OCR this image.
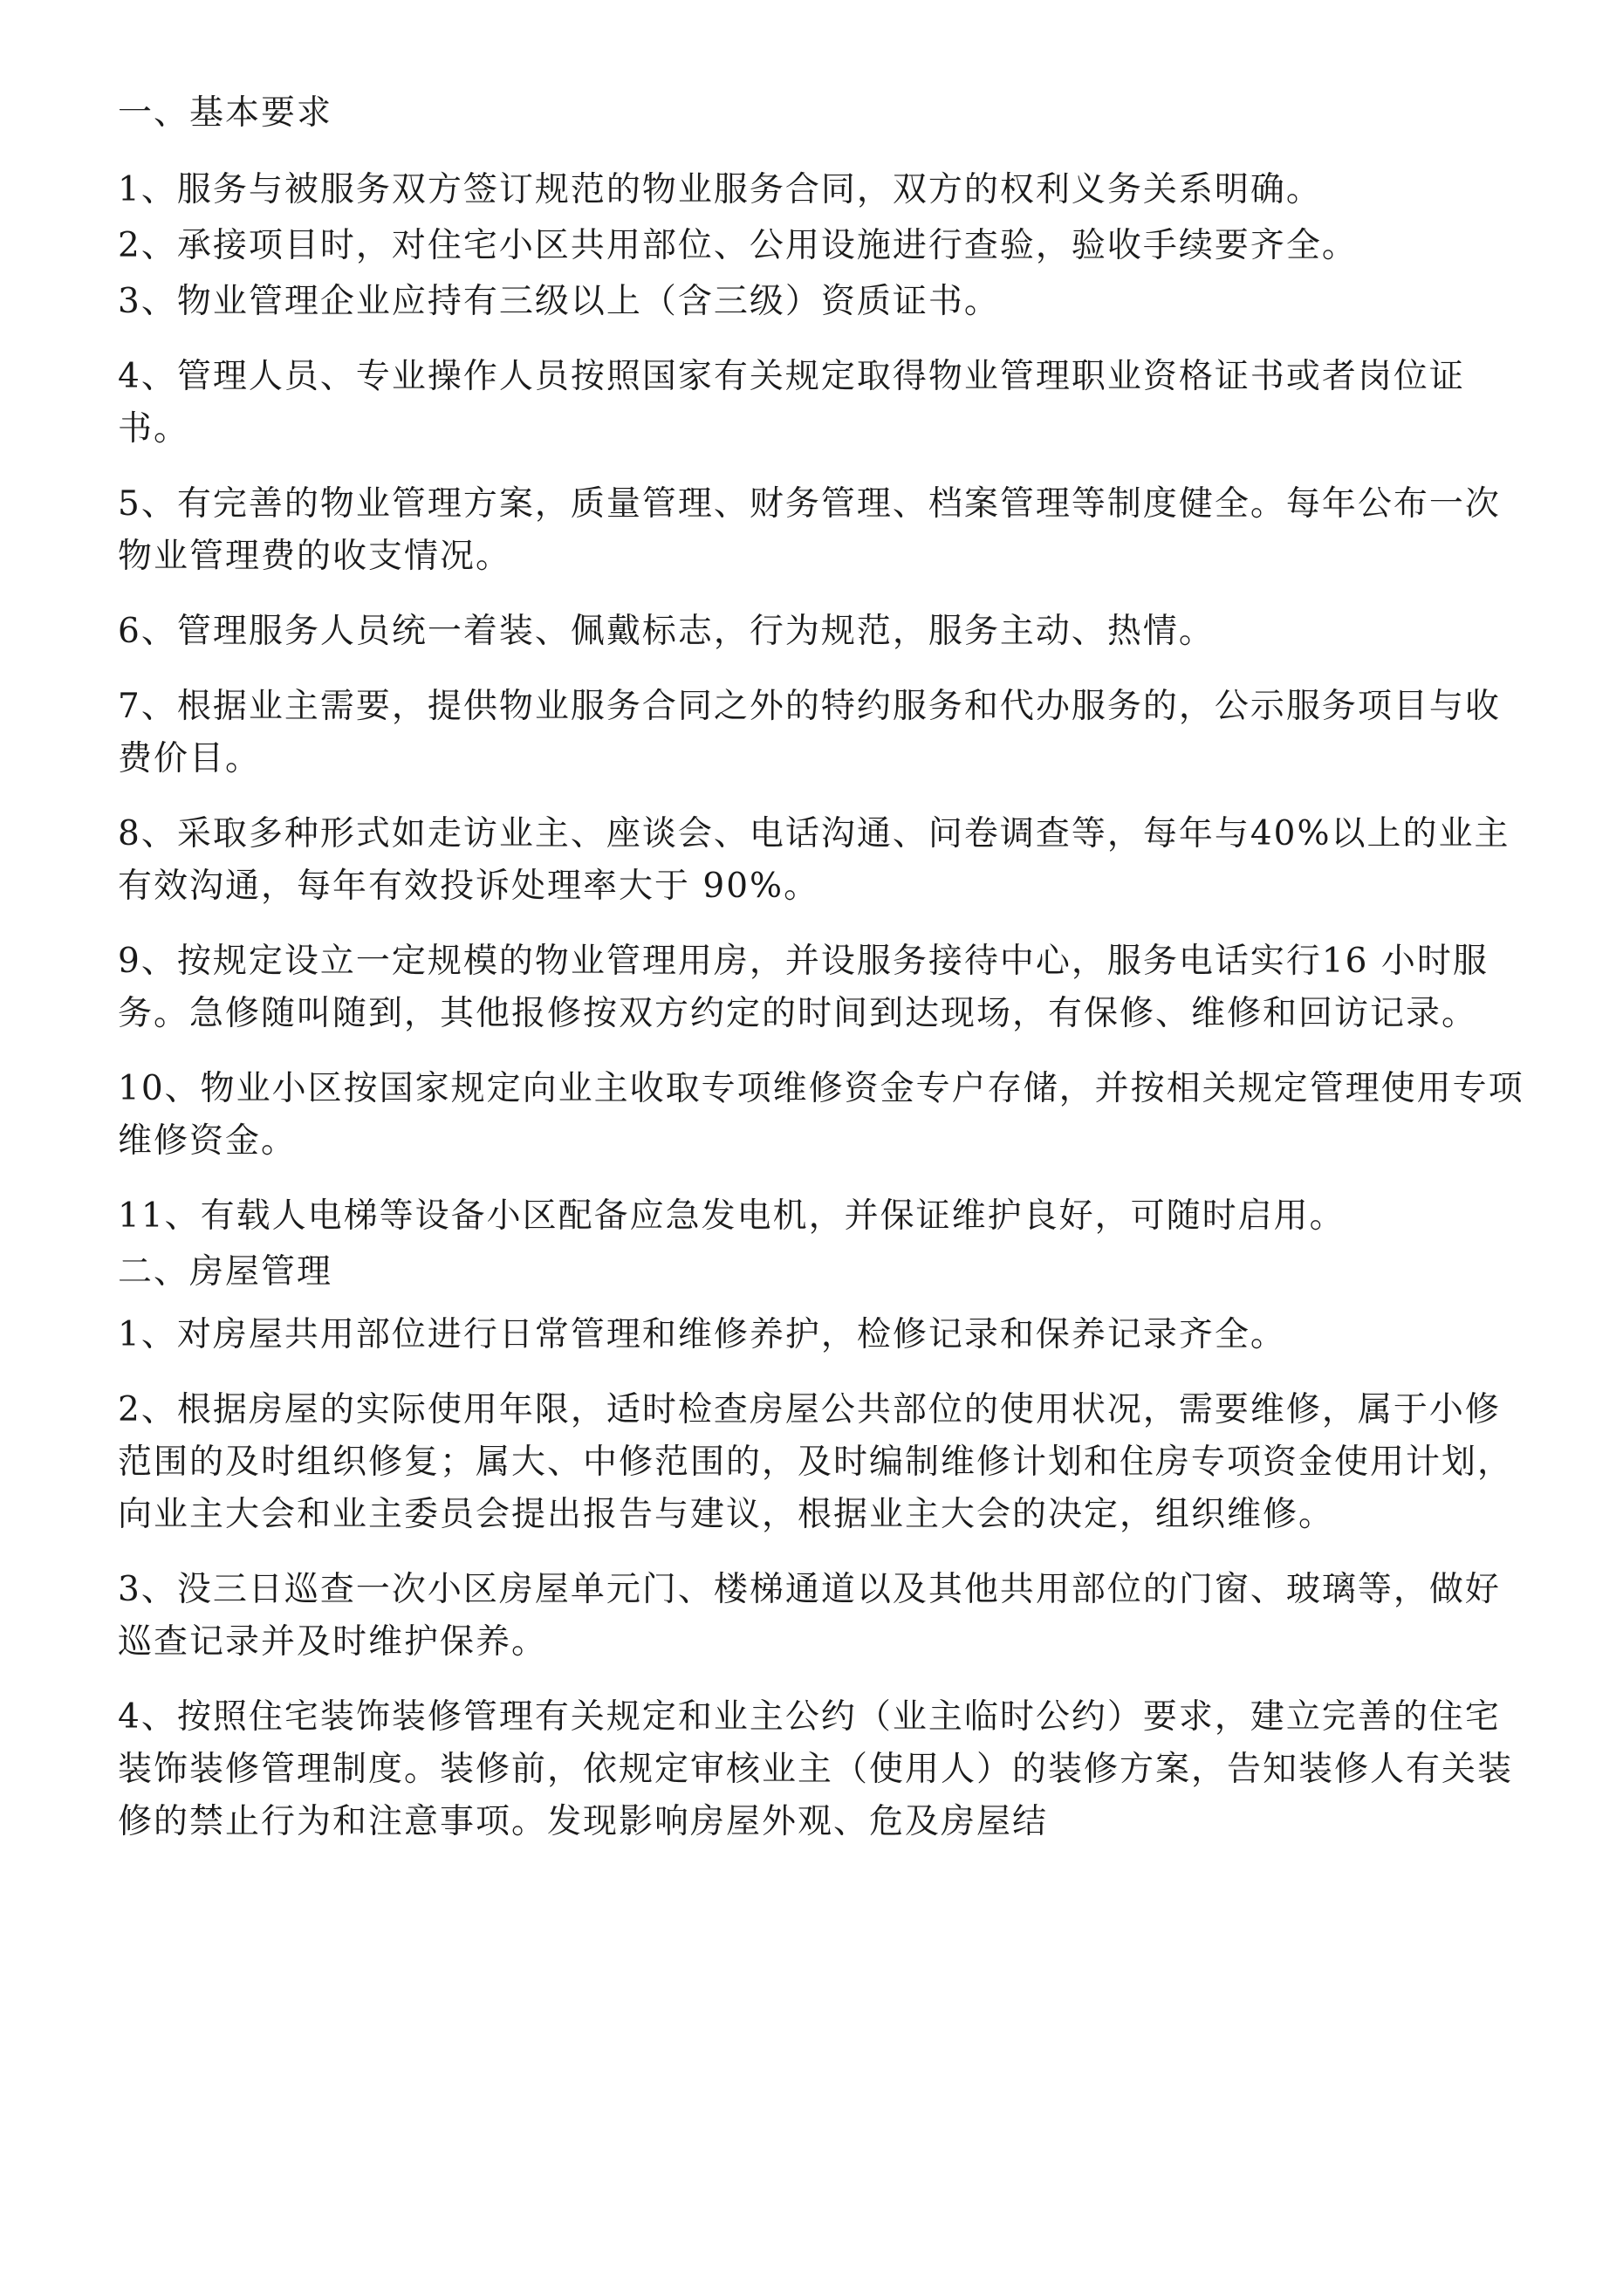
一、基本要求
1、服务与被服务双方签订规范的物业服务合同，双方的权利义务关系明确。
2、承接项目时，对住宅小区共用部位、公用设施进行查验，验收手续要齐全。
3、物业管理企业应持有三级以上（含三级）资质证书。
4、管理人员、专业操作人员按照国家有关规定取得物业管理职业资格证书或者岗位证书。
5、有完善的物业管理方案，质量管理、财务管理、档案管理等制度健全。每年公布一次物业管理费的收支情况。
6、管理服务人员统一着装、佩戴标志，行为规范，服务主动、热情。
7、根据业主需要，提供物业服务合同之外的特约服务和代办服务的，公示服务项目与收费价目。
8、采取多种形式如走访业主、座谈会、电话沟通、问卷调查等，每年与40%以上的业主有效沟通，每年有效投诉处理率大于 90%。
9、按规定设立一定规模的物业管理用房，并设服务接待中心，服务电话实行16 小时服务。急修随叫随到，其他报修按双方约定的时间到达现场，有保修、维修和回访记录。
10、物业小区按国家规定向业主收取专项维修资金专户存储，并按相关规定管理使用专项维修资金。
11、有载人电梯等设备小区配备应急发电机，并保证维护良好，可随时启用。
二、房屋管理
1、对房屋共用部位进行日常管理和维修养护，检修记录和保养记录齐全。
2、根据房屋的实际使用年限，适时检查房屋公共部位的使用状况，需要维修，属于小修范围的及时组织修复；属大、中修范围的，及时编制维修计划和住房专项资金使用计划，向业主大会和业主委员会提出报告与建议，根据业主大会的决定，组织维修。
3、没三日巡查一次小区房屋单元门、楼梯通道以及其他共用部位的门窗、玻璃等，做好巡查记录并及时维护保养。
4、按照住宅装饰装修管理有关规定和业主公约（业主临时公约）要求，建立完善的住宅装饰装修管理制度。装修前，依规定审核业主（使用人）的装修方案，告知装修人有关装修的禁止行为和注意事项。发现影响房屋外观、危及房屋结
